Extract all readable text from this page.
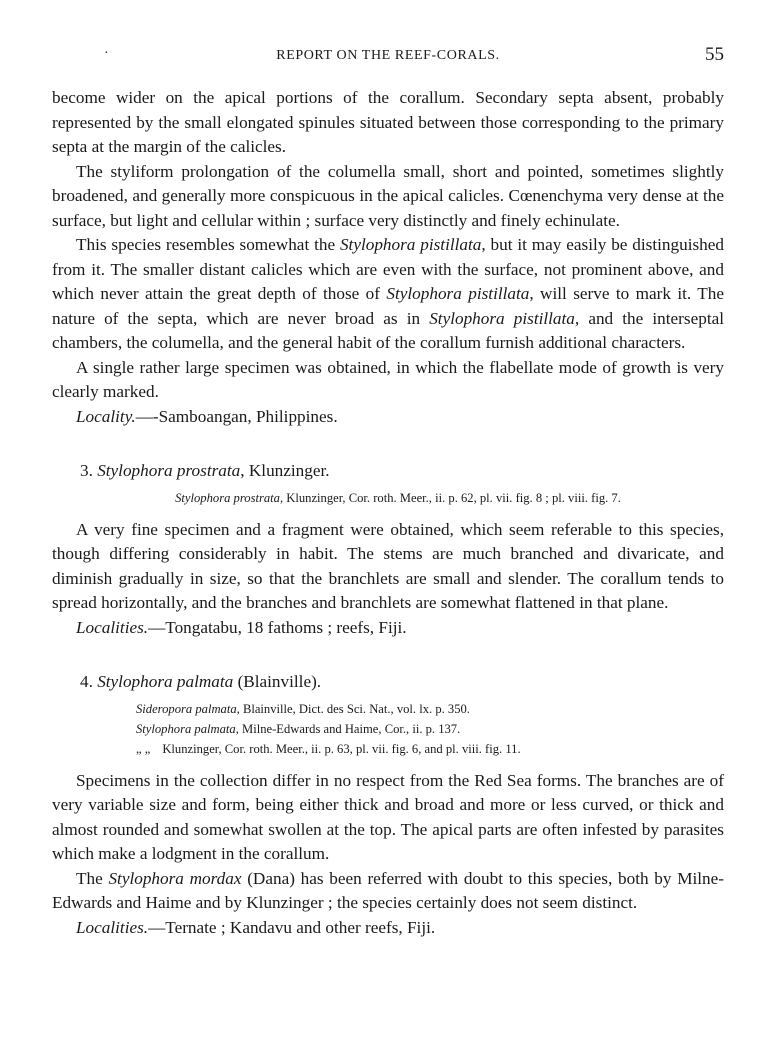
·	REPORT ON THE REEF-CORALS.	55

become wider on the apical portions of the corallum. Secondary septa absent, probably represented by the small elongated spinules situated between those corresponding to the primary septa at the margin of the calicles.

The styliform prolongation of the columella small, short and pointed, sometimes slightly broadened, and generally more conspicuous in the apical calicles. Cœnenchyma very dense at the surface, but light and cellular within ; surface very distinctly and finely echinulate.

This species resembles somewhat the Stylophora pistillata, but it may easily be distinguished from it. The smaller distant calicles which are even with the surface, not prominent above, and which never attain the great depth of those of Stylophora pistillata, will serve to mark it. The nature of the septa, which are never broad as in Stylophora pistillata, and the interseptal chambers, the columella, and the general habit of the corallum furnish additional characters.

A single rather large specimen was obtained, in which the flabellate mode of growth is very clearly marked.

Locality.—-Samboangan, Philippines.

3. Stylophora prostrata, Klunzinger.

Stylophora prostrata, Klunzinger, Cor. roth. Meer., ii. p. 62, pl. vii. fig. 8 ; pl. viii. fig. 7.

A very fine specimen and a fragment were obtained, which seem referable to this species, though differing considerably in habit. The stems are much branched and divaricate, and diminish gradually in size, so that the branchlets are small and slender. The corallum tends to spread horizontally, and the branches and branchlets are somewhat flattened in that plane.

Localities.—Tongatabu, 18 fathoms ; reefs, Fiji.

4. Stylophora palmata (Blainville).

Sideropora palmata, Blainville, Dict. des Sci. Nat., vol. lx. p. 350.
Stylophora palmata, Milne-Edwards and Haime, Cor., ii. p. 137.
„ „ Klunzinger, Cor. roth. Meer., ii. p. 63, pl. vii. fig. 6, and pl. viii. fig. 11.

Specimens in the collection differ in no respect from the Red Sea forms. The branches are of very variable size and form, being either thick and broad and more or less curved, or thick and almost rounded and somewhat swollen at the top. The apical parts are often infested by parasites which make a lodgment in the corallum.

The Stylophora mordax (Dana) has been referred with doubt to this species, both by Milne-Edwards and Haime and by Klunzinger ; the species certainly does not seem distinct.

Localities.—Ternate ; Kandavu and other reefs, Fiji.
